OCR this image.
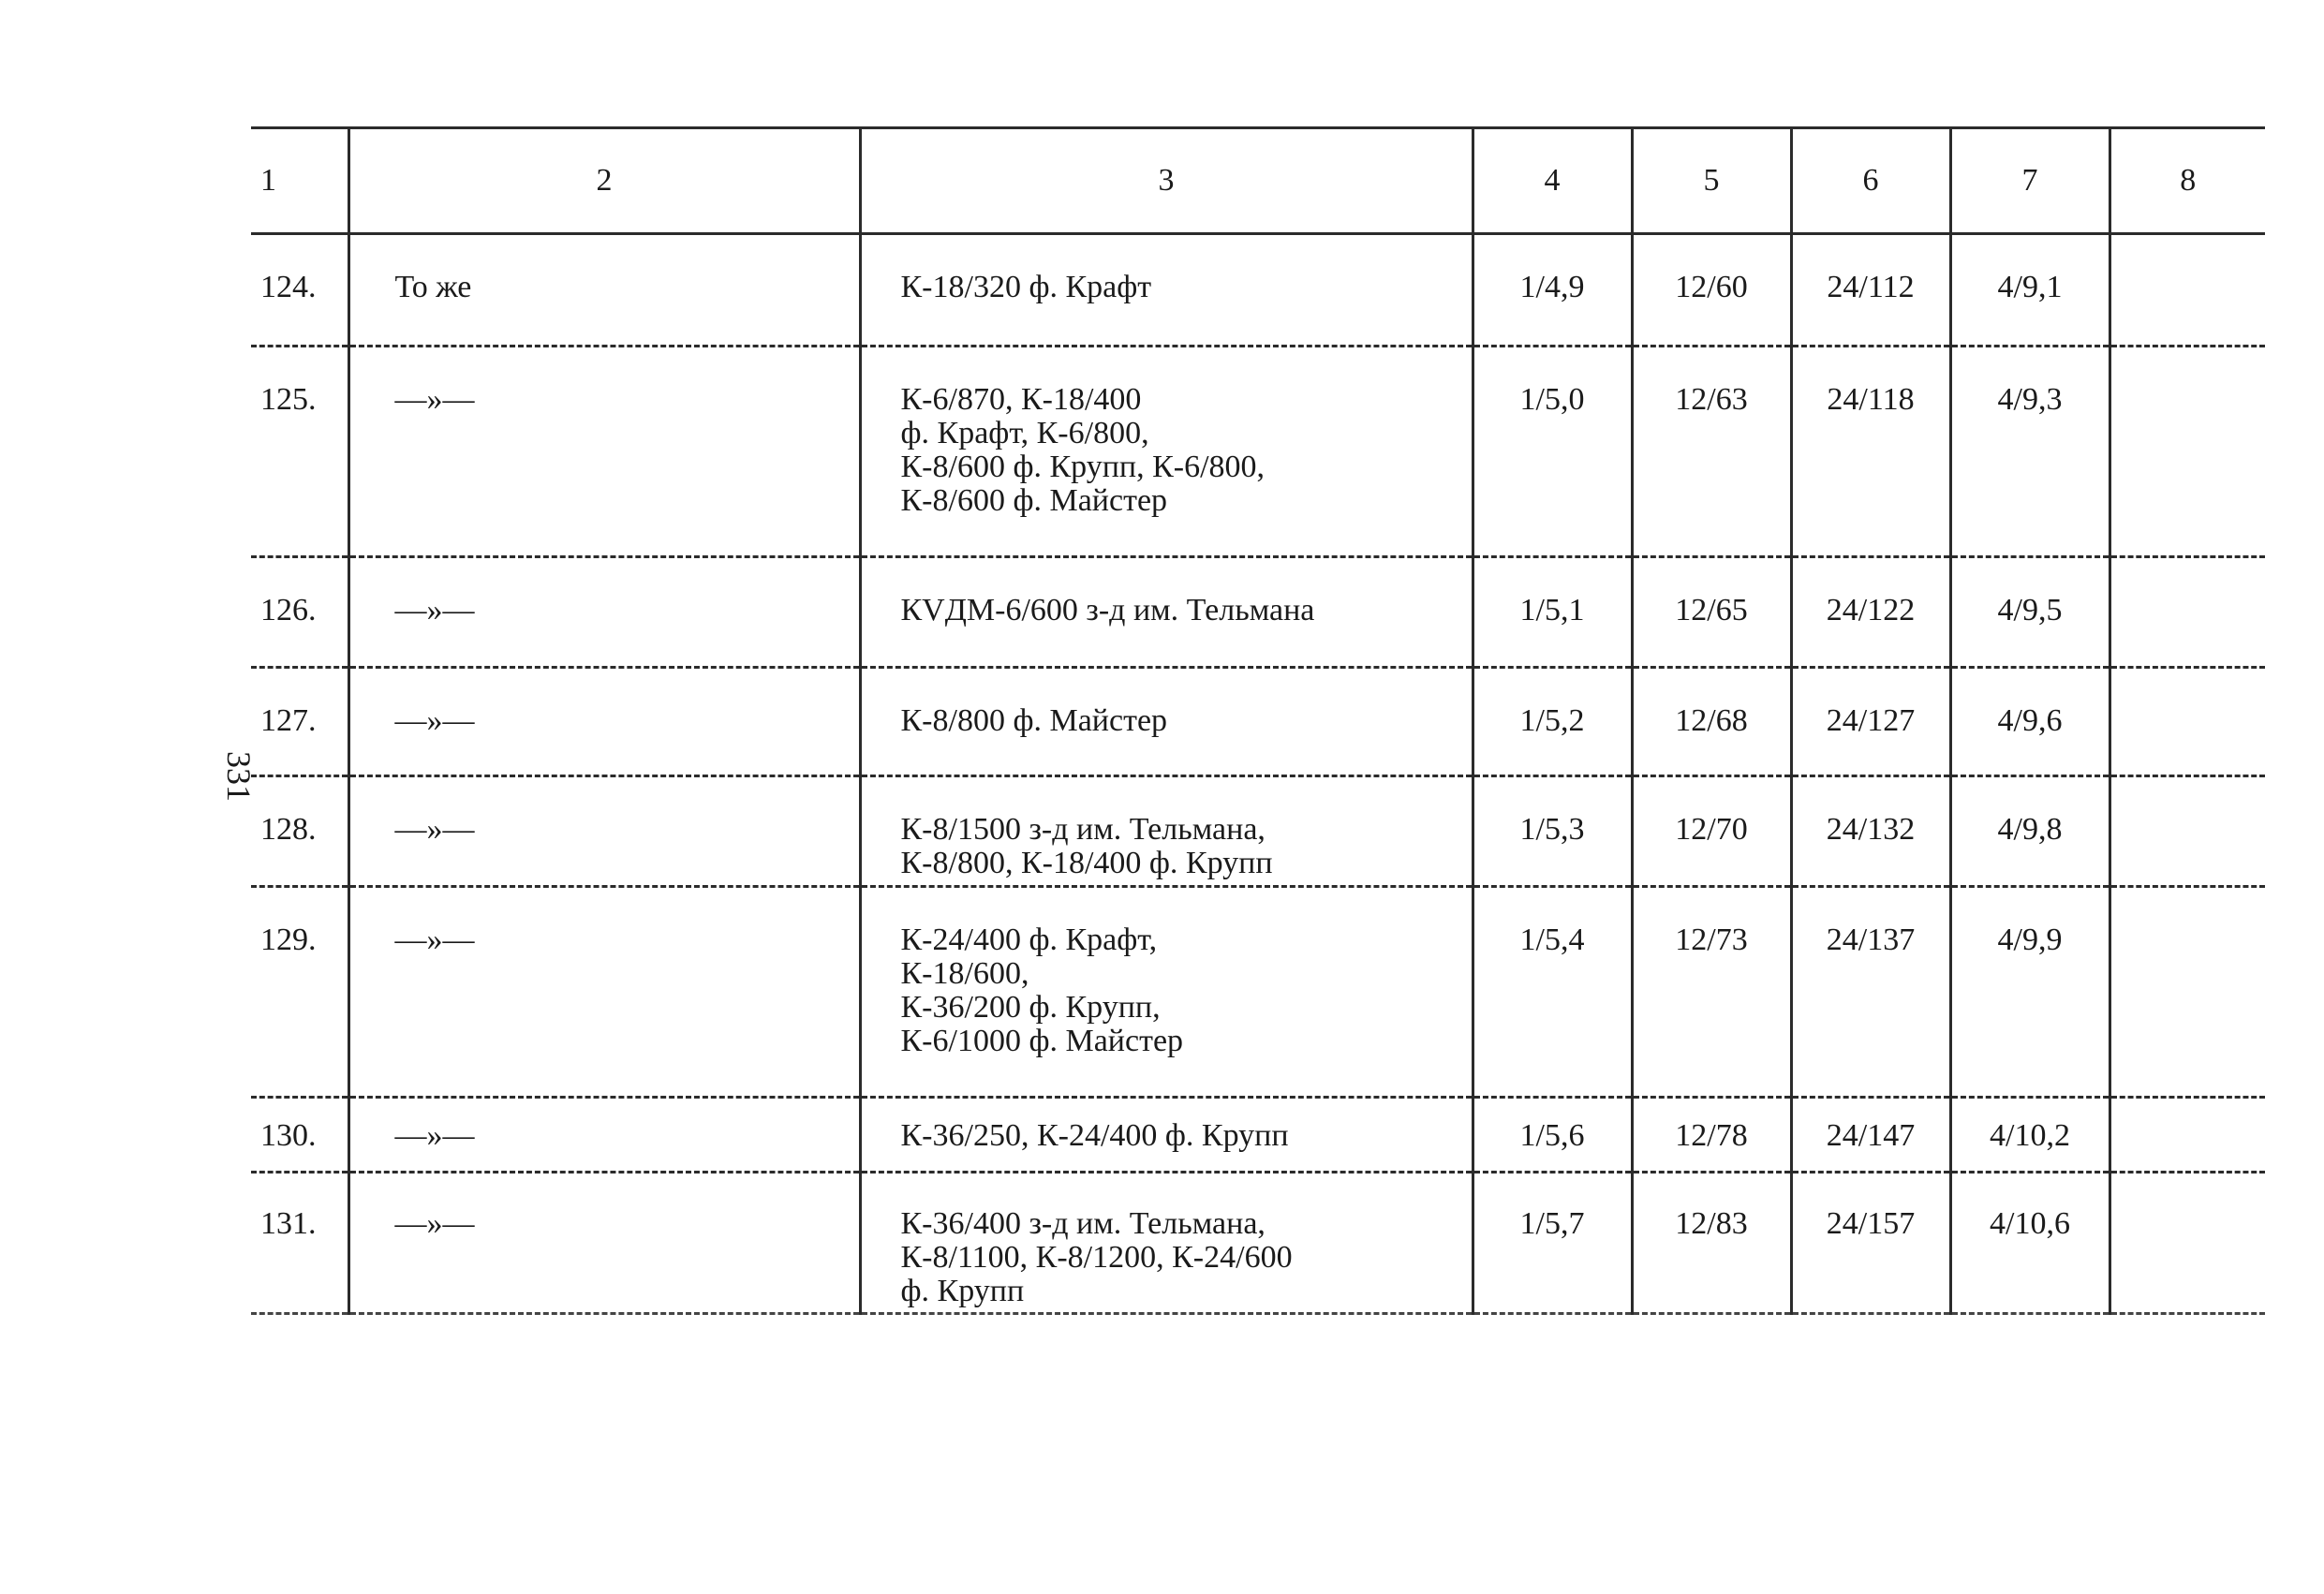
331
1	2	3	4	5	6	7	8

124.	То же	К-18/320 ф. Крафт	1/4,9	12/60	24/112	4/9,1	

125.	—»—	К-6/870, К-18/400
ф. Крафт, К-6/800,
К-8/600 ф. Крупп, К-6/800,
К-8/600 ф. Майстер	1/5,0	12/63	24/118	4/9,3	

126.	—»—	КVДМ-6/600 з-д им. Тельмана	1/5,1	12/65	24/122	4/9,5	

127.	—»—	К-8/800 ф. Майстер	1/5,2	12/68	24/127	4/9,6	

128.	—»—	К-8/1500 з-д им. Тельмана,
К-8/800, К-18/400 ф. Крупп	1/5,3	12/70	24/132	4/9,8	

129.	—»—	К-24/400 ф. Крафт,
К-18/600,
К-36/200 ф. Крупп,
К-6/1000 ф. Майстер	1/5,4	12/73	24/137	4/9,9	

130.	—»—	К-36/250, К-24/400 ф. Крупп	1/5,6	12/78	24/147	4/10,2	

131.	—»—	К-36/400 з-д им. Тельмана,
К-8/1100, К-8/1200, К-24/600
ф. Крупп	1/5,7	12/83	24/157	4/10,6	
